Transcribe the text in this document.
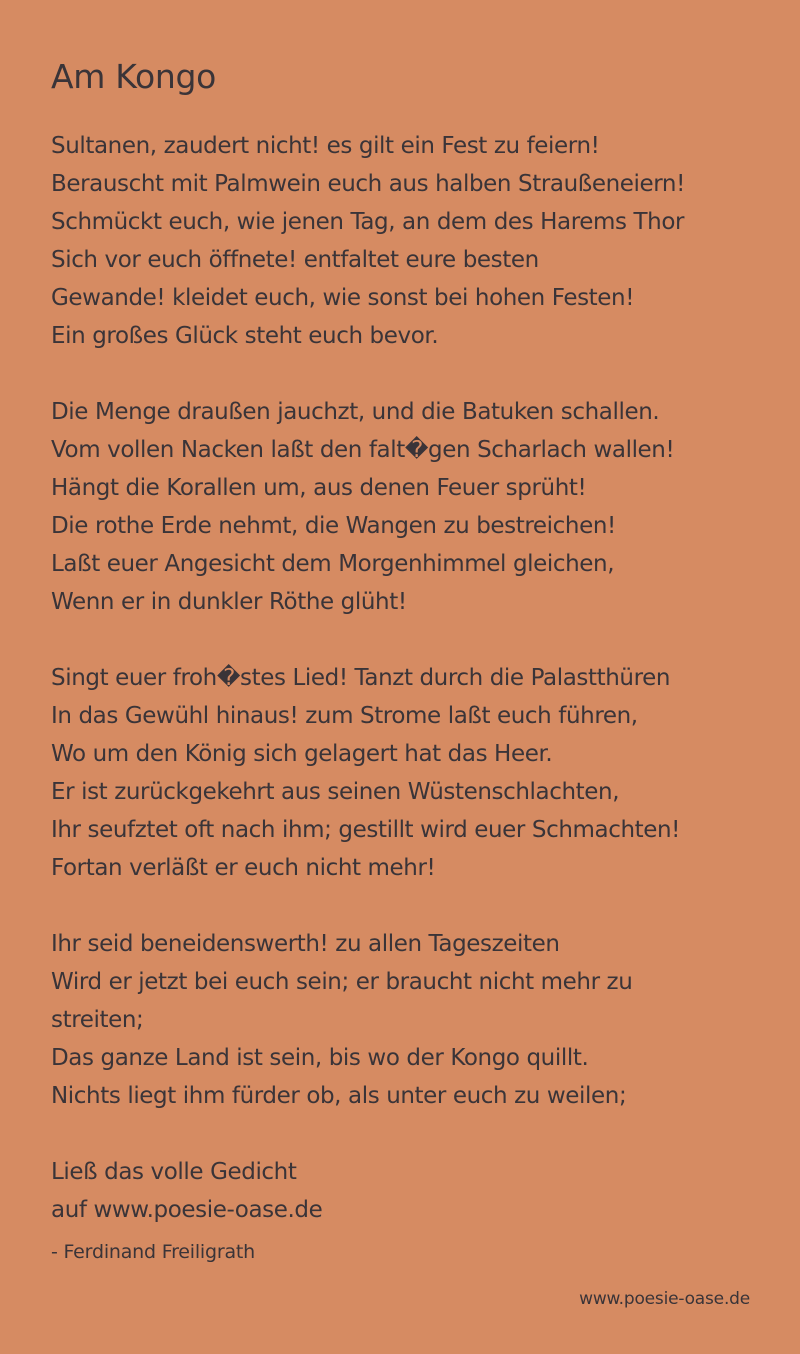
Am Kongo
Sultanen, zaudert nicht! es gilt ein Fest zu feiern!
Berauscht mit Palmwein euch aus halben Straußeneiern!
Schmückt euch, wie jenen Tag, an dem des Harems Thor
Sich vor euch öffnete! entfaltet eure besten
Gewande! kleidet euch, wie sonst bei hohen Festen!
Ein großes Glück steht euch bevor.
Die Menge draußen jauchzt, und die Batuken schallen.
Vom vollen Nacken laßt den falt�gen Scharlach wallen!
Hängt die Korallen um, aus denen Feuer sprüht!
Die rothe Erde nehmt, die Wangen zu bestreichen!
Laßt euer Angesicht dem Morgenhimmel gleichen,
Wenn er in dunkler Röthe glüht!
Singt euer froh�stes Lied! Tanzt durch die Palastthüren
In das Gewühl hinaus! zum Strome laßt euch führen,
Wo um den König sich gelagert hat das Heer.
Er ist zurückgekehrt aus seinen Wüstenschlachten,
Ihr seufztet oft nach ihm; gestillt wird euer Schmachten!
Fortan verläßt er euch nicht mehr!
Ihr seid beneidenswerth! zu allen Tageszeiten
Wird er jetzt bei euch sein; er braucht nicht mehr zu streiten;
Das ganze Land ist sein, bis wo der Kongo quillt.
Nichts liegt ihm fürder ob, als unter euch zu weilen;
Ließ das volle Gedicht
auf www.poesie-oase.de
- Ferdinand Freiligrath
www.poesie-oase.de
